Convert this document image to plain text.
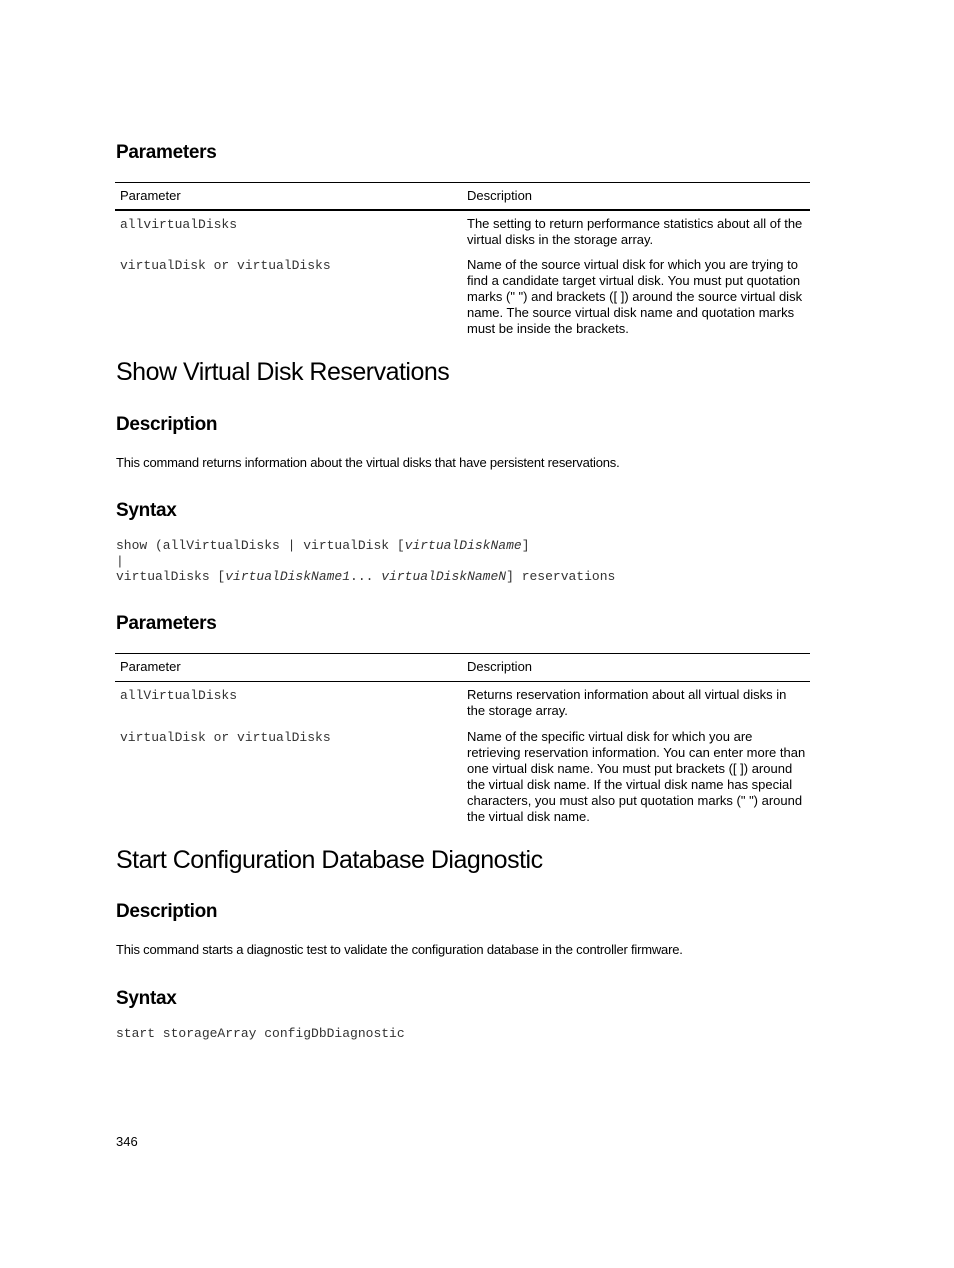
Parameters
Parameter	Description
allvirtualDisks	The setting to return performance statistics about all of the virtual disks in the storage array.
virtualDisk or virtualDisks	Name of the source virtual disk for which you are trying to find a candidate target virtual disk. You must put quotation marks (" ") and brackets ([ ]) around the source virtual disk name. The source virtual disk name and quotation marks must be inside the brackets.
Show Virtual Disk Reservations
Description

This command returns information about the virtual disks that have persistent reservations.

Syntax
show (allVirtualDisks | virtualDisk [virtualDiskName]
|
virtualDisks [virtualDiskName1... virtualDiskNameN] reservations
Parameters
Parameter	Description
allVirtualDisks	Returns reservation information about all virtual disks in the storage array.
virtualDisk or virtualDisks	Name of the specific virtual disk for which you are retrieving reservation information. You can enter more than one virtual disk name. You must put brackets ([ ]) around the virtual disk name. If the virtual disk name has special characters, you must also put quotation marks (" ") around the virtual disk name.
Start Configuration Database Diagnostic
Description

This command starts a diagnostic test to validate the configuration database in the controller firmware.

Syntax
start storageArray configDbDiagnostic
346
